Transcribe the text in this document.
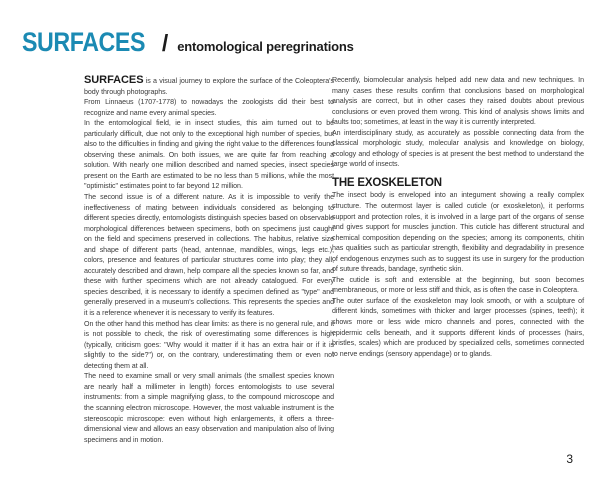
SURFACES / entomological peregrinations

SURFACES is a visual journey to explore the surface of the Coleoptera's body through photographs.

From Linnaeus (1707-1778) to nowadays the zoologists did their best to recognize and name every animal species.

In the entomological field, ie in insect studies, this aim turned out to be particularly difficult, due not only to the exceptional high number of species, but also to the difficulties in finding and giving the right value to the differences found observing these animals. On both issues, we are quite far from reaching a solution. With nearly one million described and named species, insect species present on the Earth are estimated to be no less than 5 millions, while the most "optimistic" estimates point to far beyond 12 million.

The second issue is of a different nature. As it is impossible to verify the ineffectiveness of mating between individuals considered as belonging to different species directly, entomologists distinguish species based on observable morphological differences between specimens, both on specimens just caught on the field and specimens preserved in collections. The habitus, relative size and shape of different parts (head, antennae, mandibles, wings, legs etc.), colors, presence and features of particular structures come into play; they all, accurately described and drawn, help compare all the species known so far, and these with further specimens which are not already catalogued. For every species described, it is necessary to identify a specimen defined as "type" and generally preserved in a museum's collections. This represents the species and it is a reference whenever it is necessary to verify its features.

On the other hand this method has clear limits: as there is no general rule, and it is not possible to check, the risk of overestimating some differences is high (typically, criticism goes: "Why would it matter if it has an extra hair or if it is slightly to the side?") or, on the contrary, underestimating them or even not detecting them at all.

The need to examine small or very small animals (the smallest species known are nearly half a millimeter in length) forces entomologists to use several instruments: from a simple magnifying glass, to the compound microscope and the scanning electron microscope. However, the most valuable instrument is the stereoscopic microscope: even without high enlargements, it offers a three-dimensional view and allows an easy observation and manipulation also of living specimens and in motion.

Recently, biomolecular analysis helped add new data and new techniques. In many cases these results confirm that conclusions based on morphological analysis are correct, but in other cases they raised doubts about previous conclusions or even proved them wrong. This kind of analysis shows limits and faults too; sometimes, at least in the way it is currently interpreted.

An interdisciplinary study, as accurately as possible connecting data from the classical morphologic study, molecular analysis and knowledge on biology, ecology and ethology of species is at present the best method to understand the large world of insects.

THE EXOSKELETON

The insect body is enveloped into an integument showing a really complex structure. The outermost layer is called cuticle (or exoskeleton), it performs support and protection roles, it is involved in a large part of the organs of sense and gives support for muscles junction. This cuticle has different structural and chemical composition depending on the species; among its components, chitin has qualities such as particular strength, flexibility and degradability in presence of endogenous enzymes such as to suggest its use in surgery for the production of suture threads, bandage, synthetic skin.

The cuticle is soft and extensible at the beginning, but soon becomes membraneous, or more or less stiff and thick, as is often the case in Coleoptera.

The outer surface of the exoskeleton may look smooth, or with a sculpture of different kinds, sometimes with thicker and larger processes (spines, teeth); it shows more or less wide micro channels and pores, connected with the epidermic cells beneath, and it supports different kinds of processes (hairs, bristles, scales) which are produced by specialized cells, sometimes connected to nerve endings (sensory appendage) or to glands.

3
